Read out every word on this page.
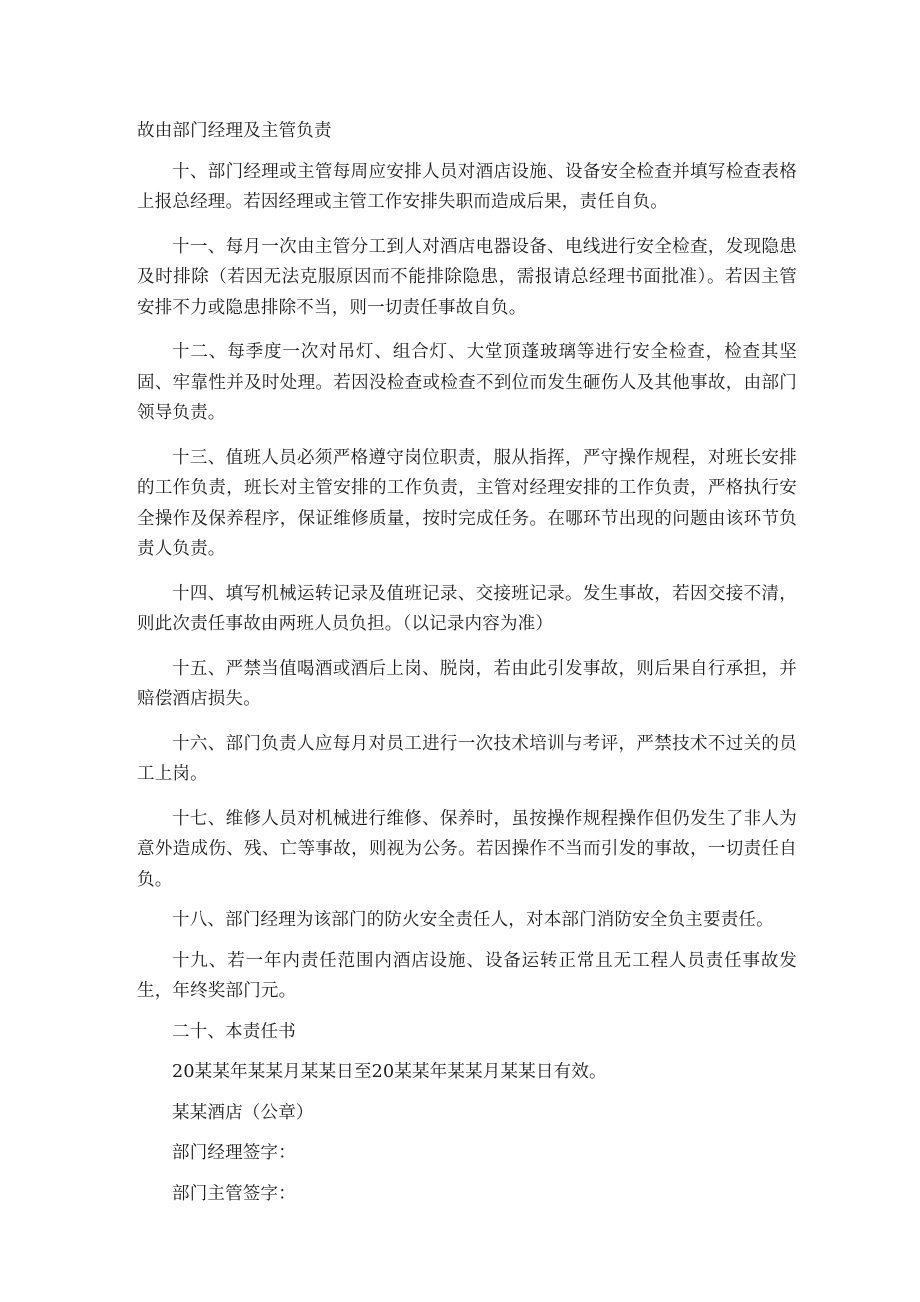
故由部门经理及主管负责

十、部门经理或主管每周应安排人员对酒店设施、设备安全检查并填写检查表格上报总经理。若因经理或主管工作安排失职而造成后果，责任自负。

十一、每月一次由主管分工到人对酒店电器设备、电线进行安全检查，发现隐患及时排除（若因无法克服原因而不能排除隐患，需报请总经理书面批准）。若因主管安排不力或隐患排除不当，则一切责任事故自负。

十二、每季度一次对吊灯、组合灯、大堂顶蓬玻璃等进行安全检查，检查其坚固、牢靠性并及时处理。若因没检查或检查不到位而发生砸伤人及其他事故，由部门领导负责。

十三、值班人员必须严格遵守岗位职责，服从指挥，严守操作规程，对班长安排的工作负责，班长对主管安排的工作负责，主管对经理安排的工作负责，严格执行安全操作及保养程序，保证维修质量，按时完成任务。在哪环节出现的问题由该环节负责人负责。

十四、填写机械运转记录及值班记录、交接班记录。发生事故，若因交接不清，则此次责任事故由两班人员负担。（以记录内容为准）

十五、严禁当值喝酒或酒后上岗、脱岗，若由此引发事故，则后果自行承担，并赔偿酒店损失。

十六、部门负责人应每月对员工进行一次技术培训与考评，严禁技术不过关的员工上岗。

十七、维修人员对机械进行维修、保养时，虽按操作规程操作但仍发生了非人为意外造成伤、残、亡等事故，则视为公务。若因操作不当而引发的事故，一切责任自负。

十八、部门经理为该部门的防火安全责任人，对本部门消防安全负主要责任。

十九、若一年内责任范围内酒店设施、设备运转正常且无工程人员责任事故发生，年终奖部门元。

二十、本责任书

20某某年某某月某某日至20某某年某某月某某日有效。

某某酒店（公章）

部门经理签字：

部门主管签字：
